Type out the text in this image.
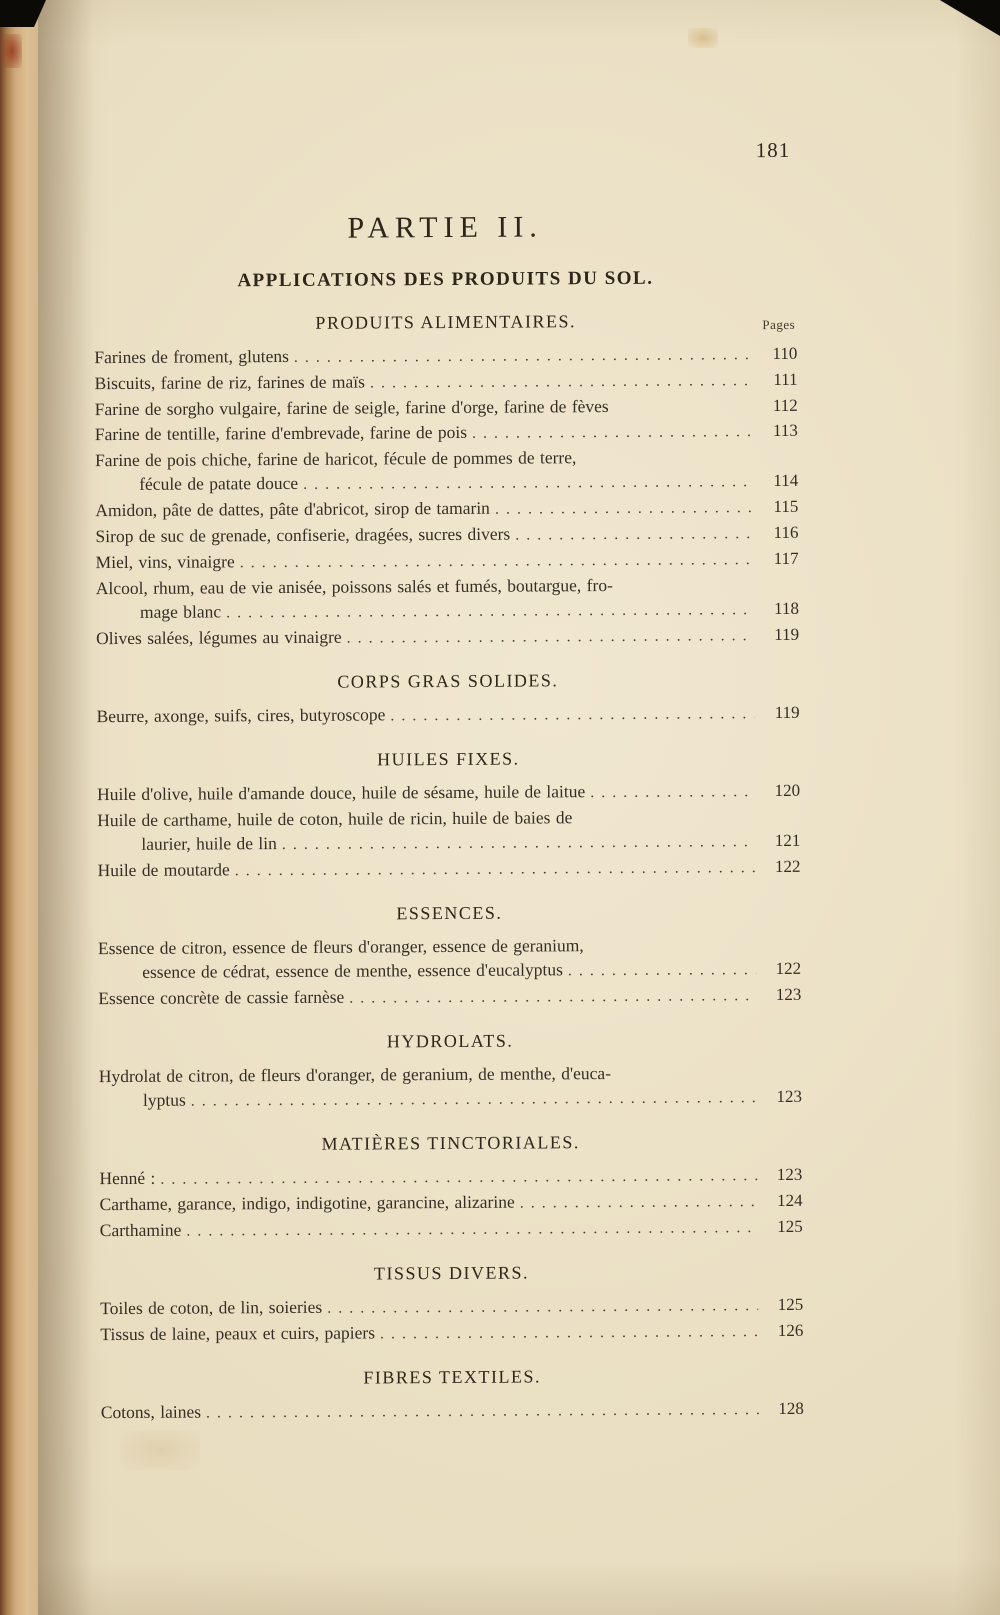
181
PARTIE II.
APPLICATIONS DES PRODUITS DU SOL.
PRODUITS ALIMENTAIRES.	Pages
Farines de froment, glutens . . .	110
Biscuits, farine de riz, farines de maïs . . .	111
Farine de sorgho vulgaire, farine de seigle, farine d'orge, farine de fèves	112
Farine de tentille, farine d'embrevade, farine de pois . . .	113
Farine de pois chiche, farine de haricot, fécule de pommes de terre,
fécule de patate douce . . .	114
Amidon, pâte de dattes, pâte d'abricot, sirop de tamarin . . .	115
Sirop de suc de grenade, confiserie, dragées, sucres divers . . .	116
Miel, vins, vinaigre . . .	117
Alcool, rhum, eau de vie anisée, poissons salés et fumés, boutargue, fro-
mage blanc . . .	118
Olives salées, légumes au vinaigre . . .	119
CORPS GRAS SOLIDES.
Beurre, axonge, suifs, cires, butyroscope . . .	119
HUILES FIXES.
Huile d'olive, huile d'amande douce, huile de sésame, huile de laitue . . .	120
Huile de carthame, huile de coton, huile de ricin, huile de baies de
laurier, huile de lin . . .	121
Huile de moutarde . . .	122
ESSENCES.
Essence de citron, essence de fleurs d'oranger, essence de geranium,
essence de cédrat, essence de menthe, essence d'eucalyptus . . .	122
Essence concrète de cassie farnèse . . .	123
HYDROLATS.
Hydrolat de citron, de fleurs d'oranger, de geranium, de menthe, d'euca-
lyptus . . .	123
MATIÈRES TINCTORIALES.
Henné : . . .	123
Carthame, garance, indigo, indigotine, garancine, alizarine . . .	124
Carthamine . . .	125
TISSUS DIVERS.
Toiles de coton, de lin, soieries . . .	125
Tissus de laine, peaux et cuirs, papiers . . .	126
FIBRES TEXTILES.
Cotons, laines . . .	128
